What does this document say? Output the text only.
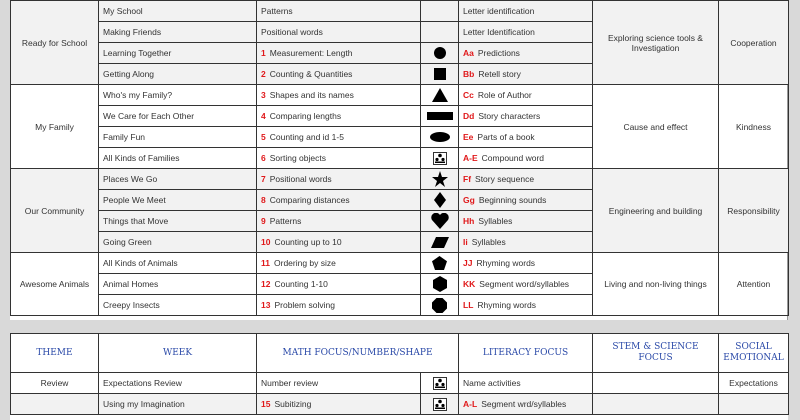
Ready for School	My School	Patterns		Letter identification	Exploring science tools & Investigation	Cooperation
	Making Friends	Positional words		Letter Identification		
	Learning Together	1 Measurement: Length		Aa Predictions		
	Getting Along	2 Counting & Quantities		Bb Retell story		
My Family	Who's my Family?	3 Shapes and its names		Cc Role of Author	Cause and effect	Kindness
	We Care for Each Other	4 Comparing lengths		Dd Story characters		
	Family Fun	5 Counting and id 1-5		Ee Parts of a book		
	All Kinds of Families	6 Sorting objects		A-E Compound word		
Our Community	Places We Go	7 Positional words		Ff Story sequence	Engineering and building	Responsibility
	People We Meet	8 Comparing distances		Gg Beginning sounds		
	Things that Move	9 Patterns		Hh Syllables		
	Going Green	10 Counting up to 10		Ii Syllables		
Awesome Animals	All Kinds of Animals	11 Ordering by size		JJ Rhyming words	Living and non-living things	Attention
	Animal Homes	12 Counting 1-10		KK Segment word/syllables		
	Creepy Insects	13 Problem solving		LL Rhyming words		
THEME	WEEK	MATH FOCUS/NUMBER/SHAPE		LITERACY FOCUS	STEM & SCIENCE FOCUS	SOCIAL EMOTIONAL
Review	Expectations Review	Number review		Name activities		Expectations
	Using my Imagination	15 Subitizing		A-L Segment wrd/syllables		
